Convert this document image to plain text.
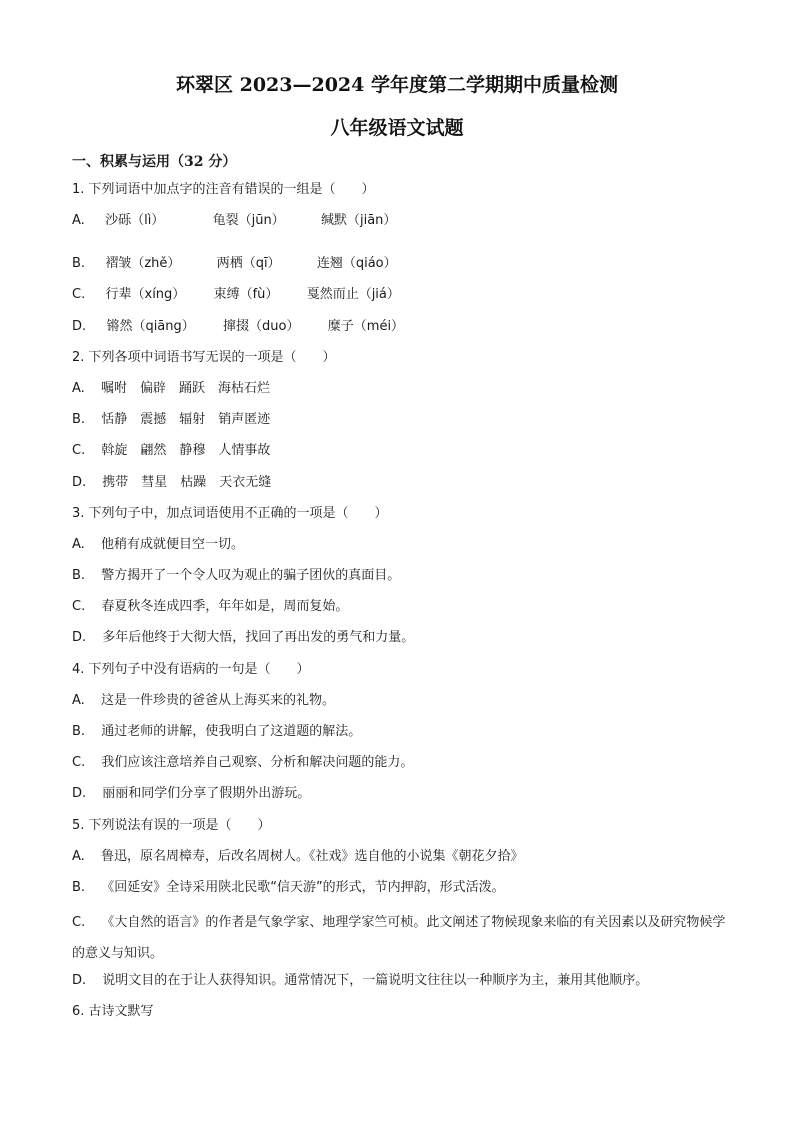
环翠区 2023—2024 学年度第二学期期中质量检测
八年级语文试题
一、积累与运用（32 分）
1. 下列词语中加点字的注音有错误的一组是（　　）
A. 沙砾（lì）	龟裂（jūn）	缄默（jiān）
B. 褶皱（zhě）	两栖（qī）	连翘（qiáo）
C. 行辈（xíng） 束缚（fù） 戛然而止（jiá）
D. 锵然（qiāng） 撺掇（duo） 糜子（méi）
2. 下列各项中词语书写无误的一项是（　　）
A. 嘱咐　偏辟　踊跃　海枯石烂
B. 恬静　震撼　辐射　销声匿迹
C. 斡旋　翩然　静穆　人情事故
D. 携带　彗星　枯躁　天衣无缝
3. 下列句子中，加点词语使用不正确的一项是（　　）
A. 他稍有成就便目空一切。
B. 警方揭开了一个令人叹为观止的骗子团伙的真面目。
C. 春夏秋冬连成四季，年年如是，周而复始。
D. 多年后他终于大彻大悟，找回了再出发的勇气和力量。
4. 下列句子中没有语病的一句是（　　）
A. 这是一件珍贵的爸爸从上海买来的礼物。
B. 通过老师的讲解，使我明白了这道题的解法。
C. 我们应该注意培养自己观察、分析和解决问题的能力。
D. 丽丽和同学们分享了假期外出游玩。
5. 下列说法有误的一项是（　　）
A. 鲁迅，原名周樟寿，后改名周树人。《社戏》选自他的小说集《朝花夕拾》
B. 《回延安》全诗采用陕北民歌“信天游”的形式，节内押韵，形式活泼。
C. 《大自然的语言》的作者是气象学家、地理学家竺可桢。此文阐述了物候现象来临的有关因素以及研究物候学的意义与知识。
D. 说明文目的在于让人获得知识。通常情况下，一篇说明文往往以一种顺序为主，兼用其他顺序。
6. 古诗文默写
